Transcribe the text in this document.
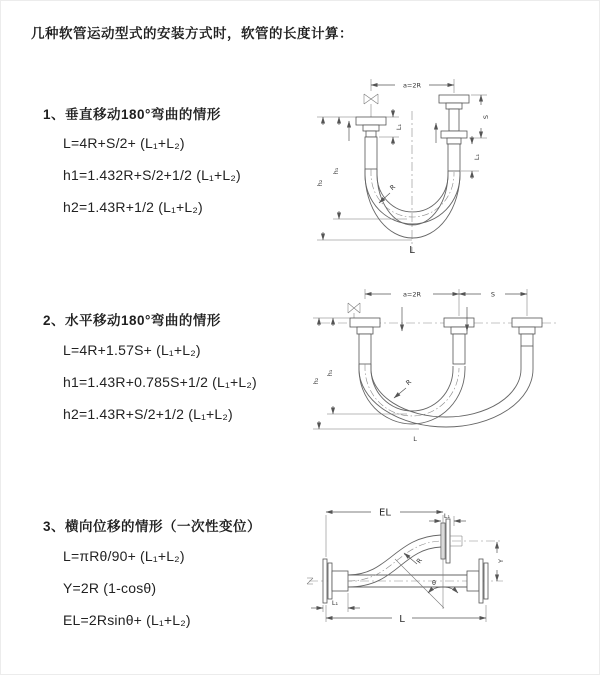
几种软管运动型式的安装方式时，软管的长度计算：
1、垂直移动180°弯曲的情形
L=4R+S/2+ (L₁+L₂)
h1=1.432R+S/2+1/2 (L₁+L₂)
h2=1.43R+1/2 (L₁+L₂)
a=2R
L₁
S
L₁
h₁
h₂	R
L
2、水平移动180°弯曲的情形
L=4R+1.57S+ (L₁+L₂)
h1=1.43R+0.785S+1/2 (L₁+L₂)
h2=1.43R+S/2+1/2 (L₁+L₂)
a=2R	S
h₁
h₂	R
L
3、横向位移的情形（一次性变位）
L=πRθ/90+ (L₁+L₂)
Y=2R (1-cosθ)
EL=2Rsinθ+ (L₁+L₂)
EL	L₁
θ
R	Y
L₁
L
